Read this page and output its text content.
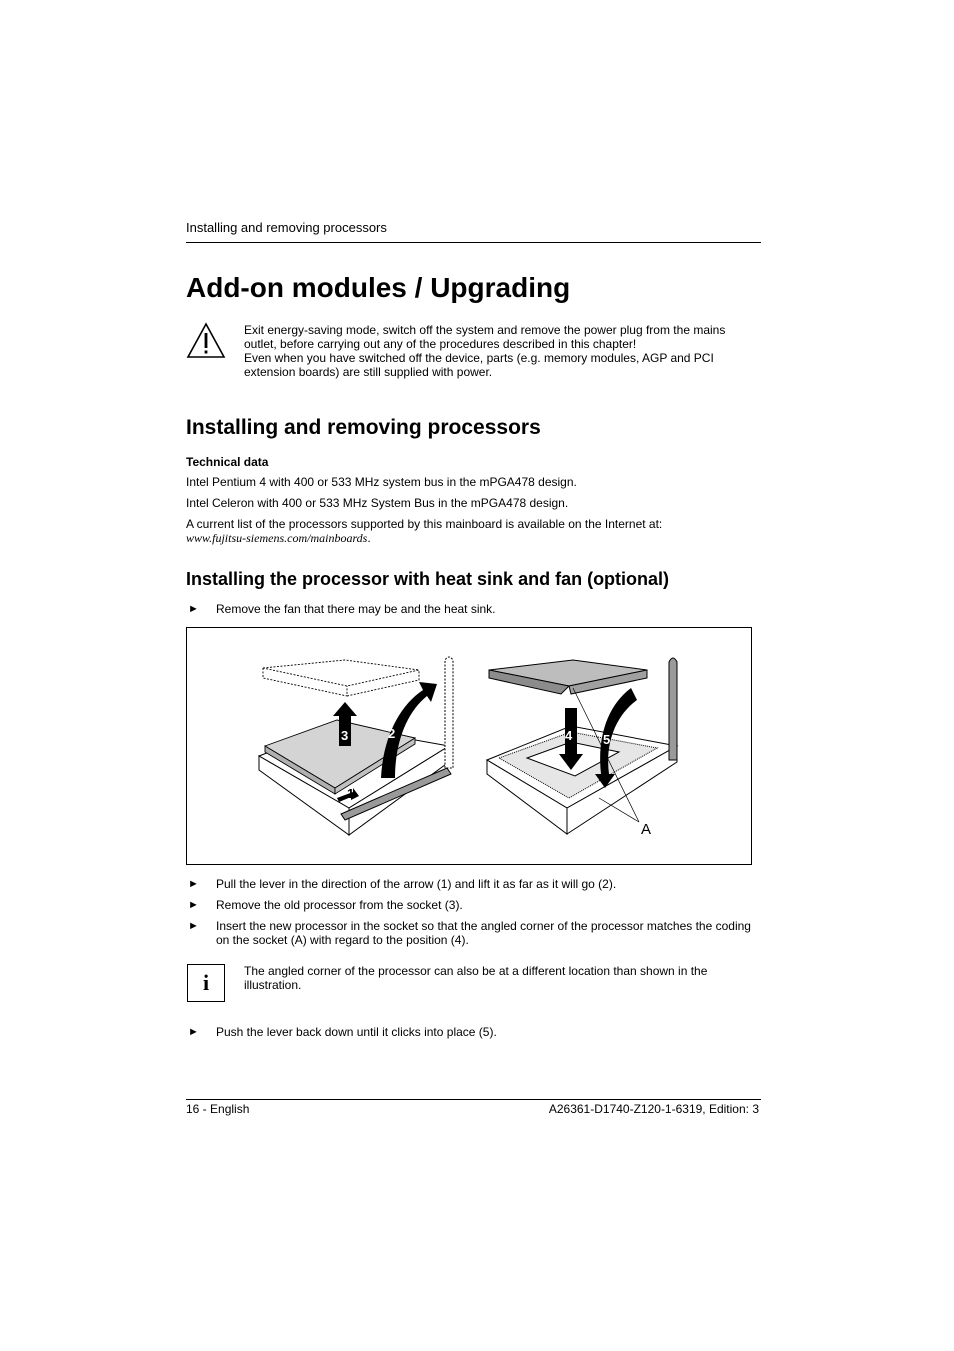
Installing and removing processors
Add-on modules / Upgrading
Exit energy-saving mode, switch off the system and remove the power plug from the mains outlet, before carrying out any of the procedures described in this chapter!
Even when you have switched off the device, parts (e.g. memory modules, AGP and PCI extension boards) are still supplied with power.
Installing and removing processors
Technical data
Intel Pentium 4 with 400 or 533 MHz system bus in the mPGA478 design.
Intel Celeron with 400 or 533 MHz System Bus in the mPGA478 design.
A current list of the processors supported by this mainboard is available on the Internet at:
www.fujitsu-siemens.com/mainboards.
Installing the processor with heat sink and fan (optional)
► Remove the fan that there may be and the heat sink.
3	2
1
4 5
A
► Pull the lever in the direction of the arrow (1) and lift it as far as it will go (2).
► Remove the old processor from the socket (3).
► Insert the new processor in the socket so that the angled corner of the processor matches the coding on the socket (A) with regard to the position (4).
i	The angled corner of the processor can also be at a different location than shown in the illustration.
► Push the lever back down until it clicks into place (5).
16 - English	A26361-D1740-Z120-1-6319, Edition: 3
